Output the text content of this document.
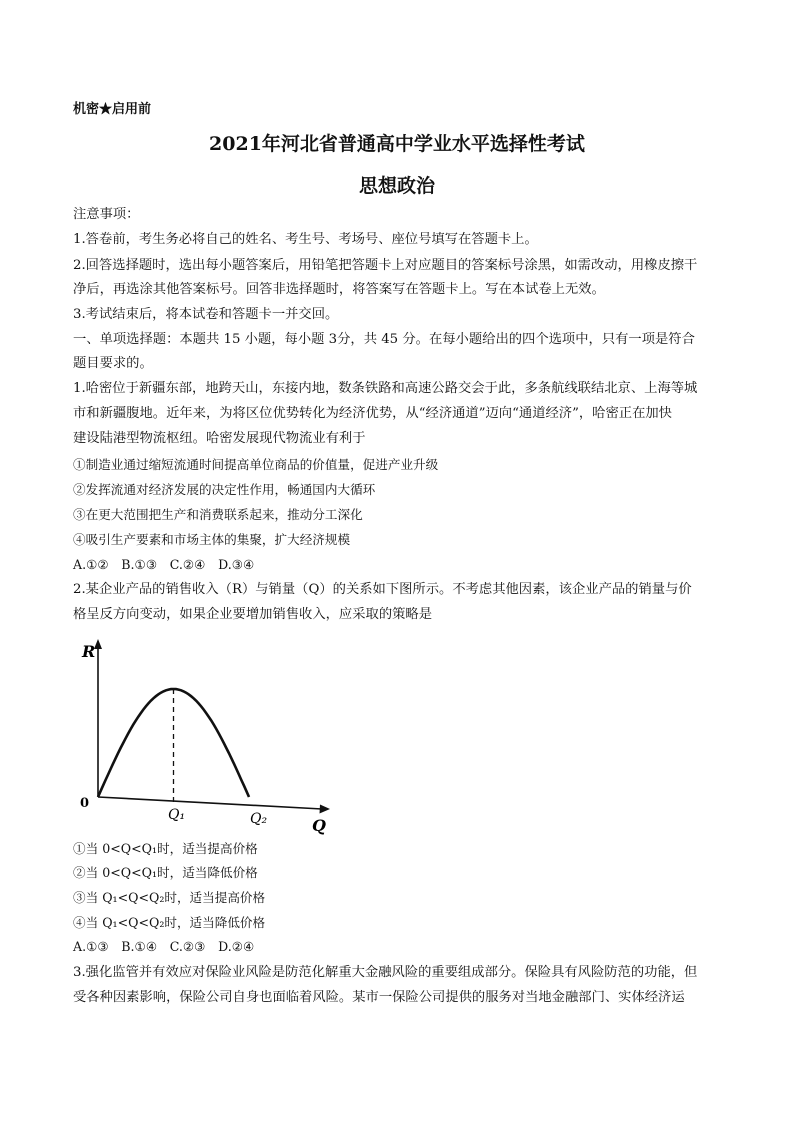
机密★启用前
2021年河北省普通高中学业水平选择性考试
思想政治
注意事项：
1.答卷前，考生务必将自己的姓名、考生号、考场号、座位号填写在答题卡上。
2.回答选择题时，选出每小题答案后，用铅笔把答题卡上对应题目的答案标号涂黑，如需改动，用橡皮擦干
净后，再选涂其他答案标号。回答非选择题时，将答案写在答题卡上。写在本试卷上无效。
3.考试结束后，将本试卷和答题卡一并交回。
一、单项选择题：本题共 15 小题，每小题 3分，共 45 分。在每小题给出的四个选项中，只有一项是符合
题目要求的。
1.哈密位于新疆东部，地跨天山，东接内地，数条铁路和高速公路交会于此，多条航线联结北京、上海等城
市和新疆腹地。近年来，为将区位优势转化为经济优势，从“经济通道”迈向“通道经济”，哈密正在加快
建设陆港型物流枢纽。哈密发展现代物流业有利于
①制造业通过缩短流通时间提高单位商品的价值量，促进产业升级
②发挥流通对经济发展的决定性作用，畅通国内大循环
③在更大范围把生产和消费联系起来，推动分工深化
④吸引生产要素和市场主体的集聚，扩大经济规模
A.①②　B.①③　C.②④　D.③④
2.某企业产品的销售收入（R）与销量（Q）的关系如下图所示。不考虑其他因素，该企业产品的销量与价
格呈反方向变动，如果企业要增加销售收入，应采取的策略是
R
Q
0
Q₁	Q₂
①当 0<Q<Q₁时，适当提高价格
②当 0<Q<Q₁时，适当降低价格
③当 Q₁<Q<Q₂时，适当提高价格
④当 Q₁<Q<Q₂时，适当降低价格
A.①③　B.①④　C.②③　D.②④
3.强化监管并有效应对保险业风险是防范化解重大金融风险的重要组成部分。保险具有风险防范的功能，但
受各种因素影响，保险公司自身也面临着风险。某市一保险公司提供的服务对当地金融部门、实体经济运
